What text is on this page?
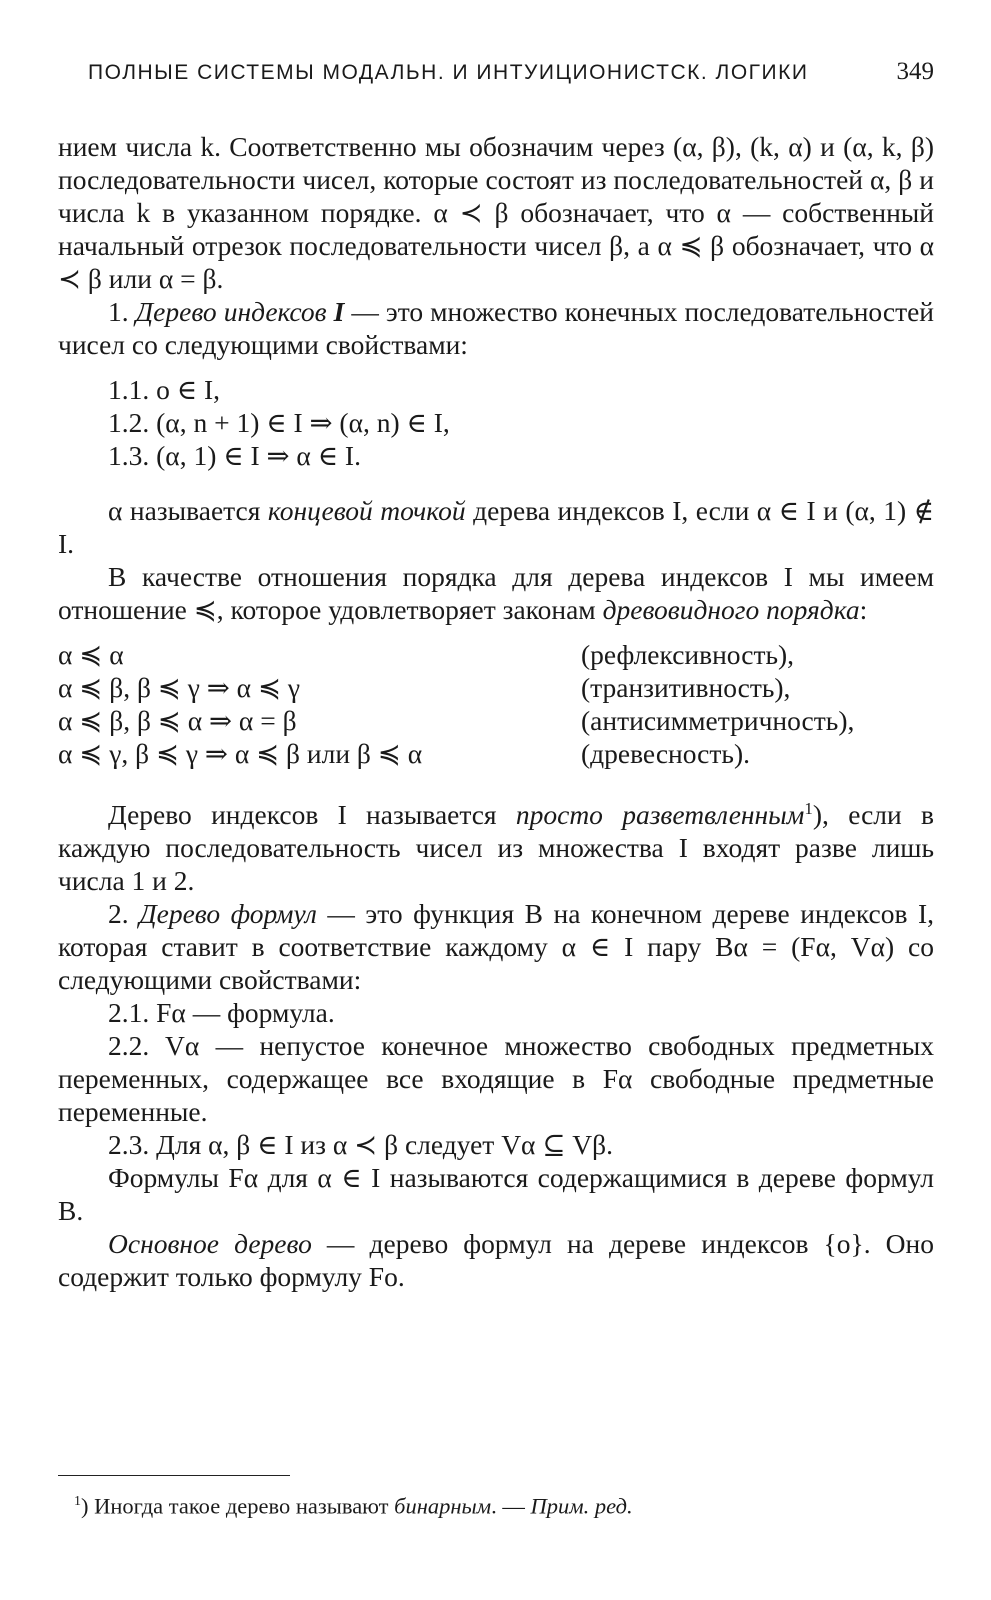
ПОЛНЫЕ СИСТЕМЫ МОДАЛЬН. И ИНТУИЦИОНИСТСК. ЛОГИКИ	349

нием числа k. Соответственно мы обозначим через (α, β), (k, α) и (α, k, β) последовательности чисел, которые состоят из последовательностей α, β и числа k в указанном порядке. α ≺ β обозначает, что α — собственный начальный отрезок последовательности чисел β, а α ≼ β обозначает, что α ≺ β или α = β.

1. Дерево индексов I — это множество конечных последовательностей чисел со следующими свойствами:

1.1. o ∈ I,

1.2. (α, n + 1) ∈ I ⇒ (α, n) ∈ I,

1.3. (α, 1) ∈ I ⇒ α ∈ I.

α называется концевой точкой дерева индексов I, если α ∈ I и (α, 1) ∉ I.

В качестве отношения порядка для дерева индексов I мы имеем отношение ≼, которое удовлетворяет законам древовидного порядка:

α ≼ α	(рефлексивность),
α ≼ β, β ≼ γ ⇒ α ≼ γ	(транзитивность),
α ≼ β, β ≼ α ⇒ α = β	(антисимметричность),
α ≼ γ, β ≼ γ ⇒ α ≼ β или β ≼ α	(древесность).

Дерево индексов I называется просто разветвленным$^1$), если в каждую последовательность чисел из множества I входят разве лишь числа 1 и 2.

2. Дерево формул — это функция B на конечном дереве индексов I, которая ставит в соответствие каждому α ∈ I пару Bα = (Fα, Vα) со следующими свойствами:

2.1. Fα — формула.

2.2. Vα — непустое конечное множество свободных предметных переменных, содержащее все входящие в Fα свободные предметные переменные.

2.3. Для α, β ∈ I из α ≺ β следует Vα ⊆ Vβ.

Формулы Fα для α ∈ I называются содержащимися в дереве формул B.

Основное дерево — дерево формул на дереве индексов {o}. Оно содержит только формулу Fo.

$^1$) Иногда такое дерево называют бинарным. — Прим. ред.
